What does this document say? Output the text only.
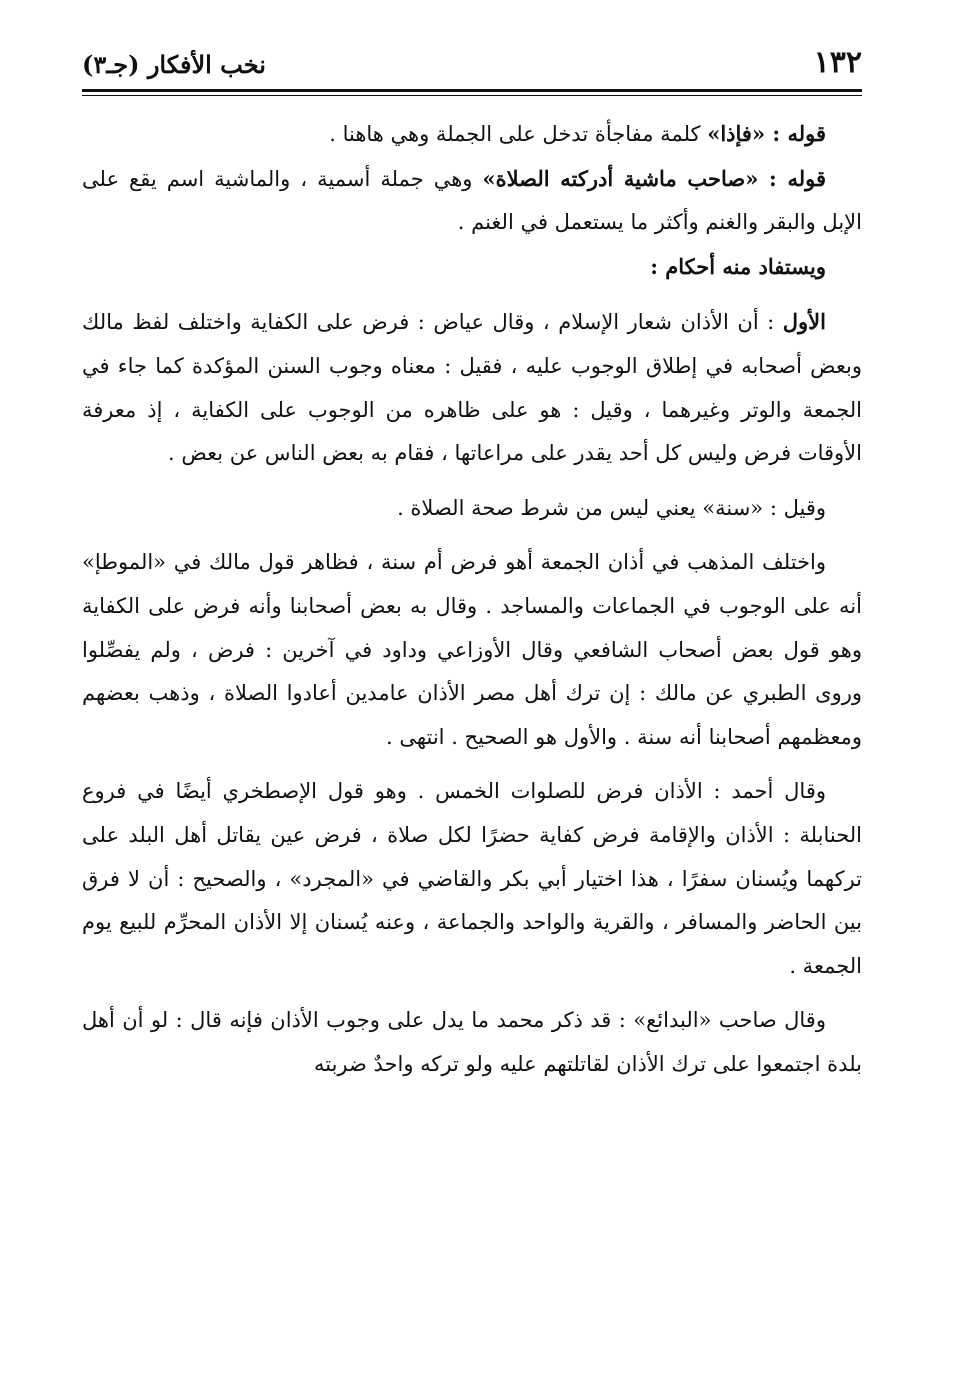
١٣٢
نخب الأفكار (جـ٣)

قوله : «فإذا» كلمة مفاجأة تدخل على الجملة وهي هاهنا .

قوله : «صاحب ماشية أدركته الصلاة» وهي جملة أسمية ، والماشية اسم يقع على الإبل والبقر والغنم وأكثر ما يستعمل في الغنم .

ويستفاد منه أحكام :

الأول : أن الأذان شعار الإسلام ، وقال عياض : فرض على الكفاية واختلف لفظ مالك وبعض أصحابه في إطلاق الوجوب عليه ، فقيل : معناه وجوب السنن المؤكدة كما جاء في الجمعة والوتر وغيرهما ، وقيل : هو على ظاهره من الوجوب على الكفاية ، إذ معرفة الأوقات فرض وليس كل أحد يقدر على مراعاتها ، فقام به بعض الناس عن بعض .

وقيل : «سنة» يعني ليس من شرط صحة الصلاة .

واختلف المذهب في أذان الجمعة أهو فرض أم سنة ، فظاهر قول مالك في «الموطإ» أنه على الوجوب في الجماعات والمساجد . وقال به بعض أصحابنا وأنه فرض على الكفاية وهو قول بعض أصحاب الشافعي وقال الأوزاعي وداود في آخرين : فرض ، ولم يفصِّلوا وروى الطبري عن مالك : إن ترك أهل مصر الأذان عامدين أعادوا الصلاة ، وذهب بعضهم ومعظمهم أصحابنا أنه سنة . والأول هو الصحيح . انتهى .

وقال أحمد : الأذان فرض للصلوات الخمس . وهو قول الإصطخري أيضًا في فروع الحنابلة : الأذان والإقامة فرض كفاية حضرًا لكل صلاة ، فرض عين يقاتل أهل البلد على تركهما ويُسنان سفرًا ، هذا اختيار أبي بكر والقاضي في «المجرد» ، والصحيح : أن لا فرق بين الحاضر والمسافر ، والقرية والواحد والجماعة ، وعنه يُسنان إلا الأذان المحرِّم للبيع يوم الجمعة .

وقال صاحب «البدائع» : قد ذكر محمد ما يدل على وجوب الأذان فإنه قال : لو أن أهل بلدة اجتمعوا على ترك الأذان لقاتلتهم عليه ولو تركه واحدٌ ضربته
